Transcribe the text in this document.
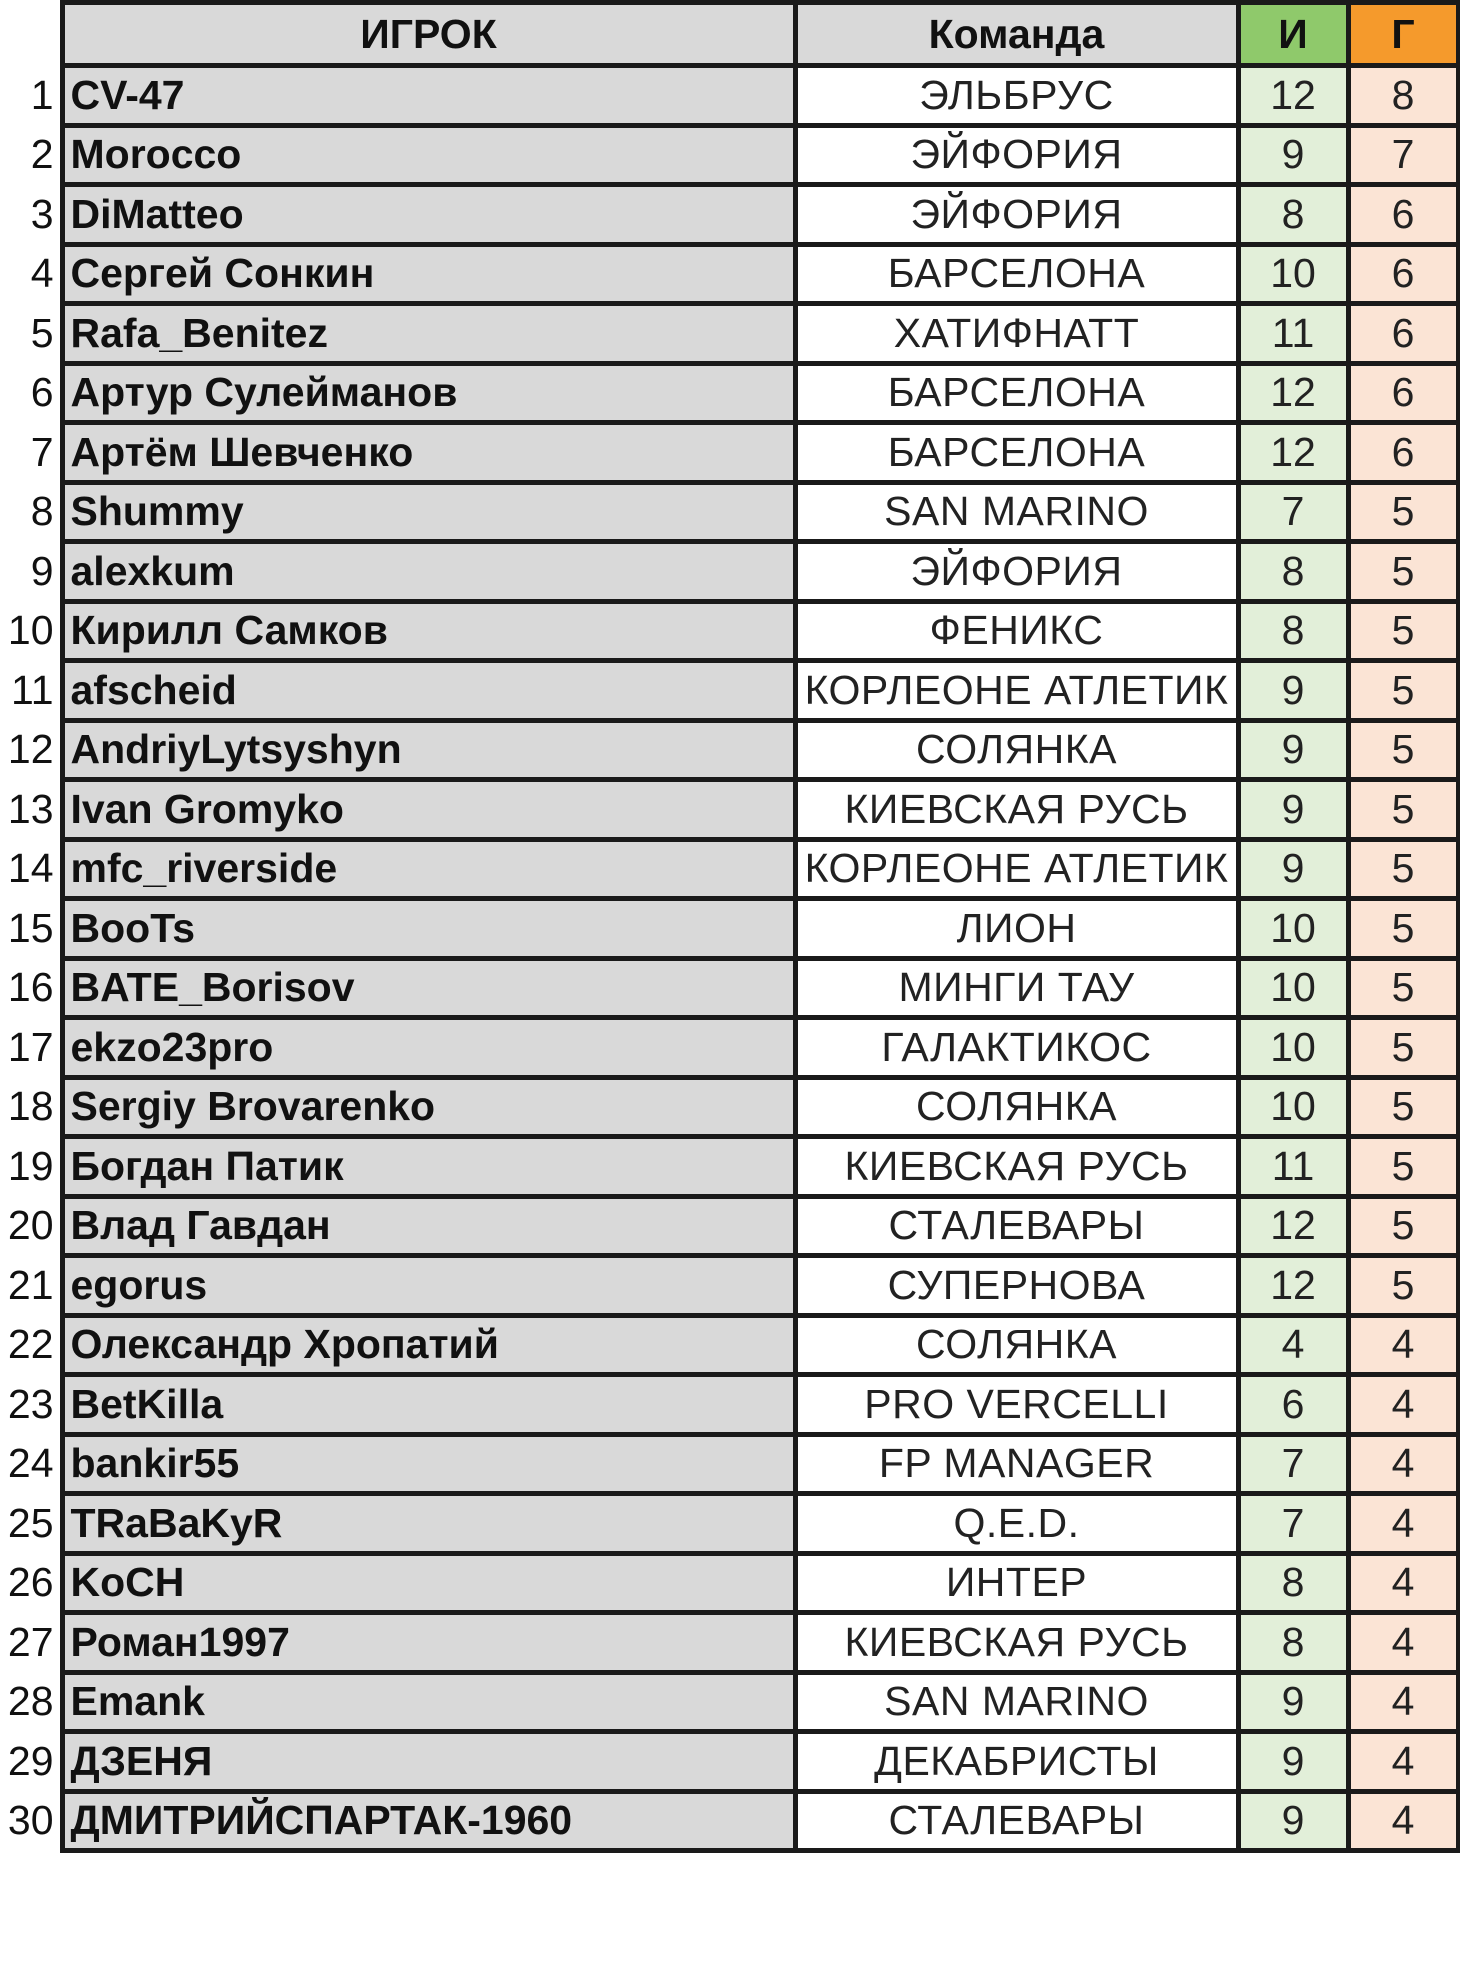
	ИГРОК	Команда	И	Г
1	CV-47	ЭЛЬБРУС	12	8
2	Morocco	ЭЙФОРИЯ	9	7
3	DiMatteo	ЭЙФОРИЯ	8	6
4	Сергей Сонкин	БАРСЕЛОНА	10	6
5	Rafa_Benitez	ХАТИФНАТТ	11	6
6	Артур Сулейманов	БАРСЕЛОНА	12	6
7	Артём Шевченко	БАРСЕЛОНА	12	6
8	Shummy	SAN MARINO	7	5
9	alexkum	ЭЙФОРИЯ	8	5
10	Кирилл Самков	ФЕНИКС	8	5
11	afscheid	КОРЛЕОНЕ АТЛЕТИК	9	5
12	AndriyLytsyshyn	СОЛЯНКА	9	5
13	Ivan Gromyko	КИЕВСКАЯ РУСЬ	9	5
14	mfc_riverside	КОРЛЕОНЕ АТЛЕТИК	9	5
15	BooTs	ЛИОН	10	5
16	BATE_Borisov	МИНГИ ТАУ	10	5
17	ekzo23pro	ГАЛАКТИКОС	10	5
18	Sergiy Brovarenko	СОЛЯНКА	10	5
19	Богдан Патик	КИЕВСКАЯ РУСЬ	11	5
20	Влад Гавдан	СТАЛЕВАРЫ	12	5
21	egorus	СУПЕРНОВА	12	5
22	Олександр Хропатий	СОЛЯНКА	4	4
23	BetKilla	PRO VERCELLI	6	4
24	bankir55	FP MANAGER	7	4
25	TRaBaKyR	Q.E.D.	7	4
26	KoCH	ИНТЕР	8	4
27	Роман1997	КИЕВСКАЯ РУСЬ	8	4
28	Emank	SAN MARINO	9	4
29	ДЗЕНЯ	ДЕКАБРИСТЫ	9	4
30	ДМИТРИЙСПАРТАК-1960	СТАЛЕВАРЫ	9	4
